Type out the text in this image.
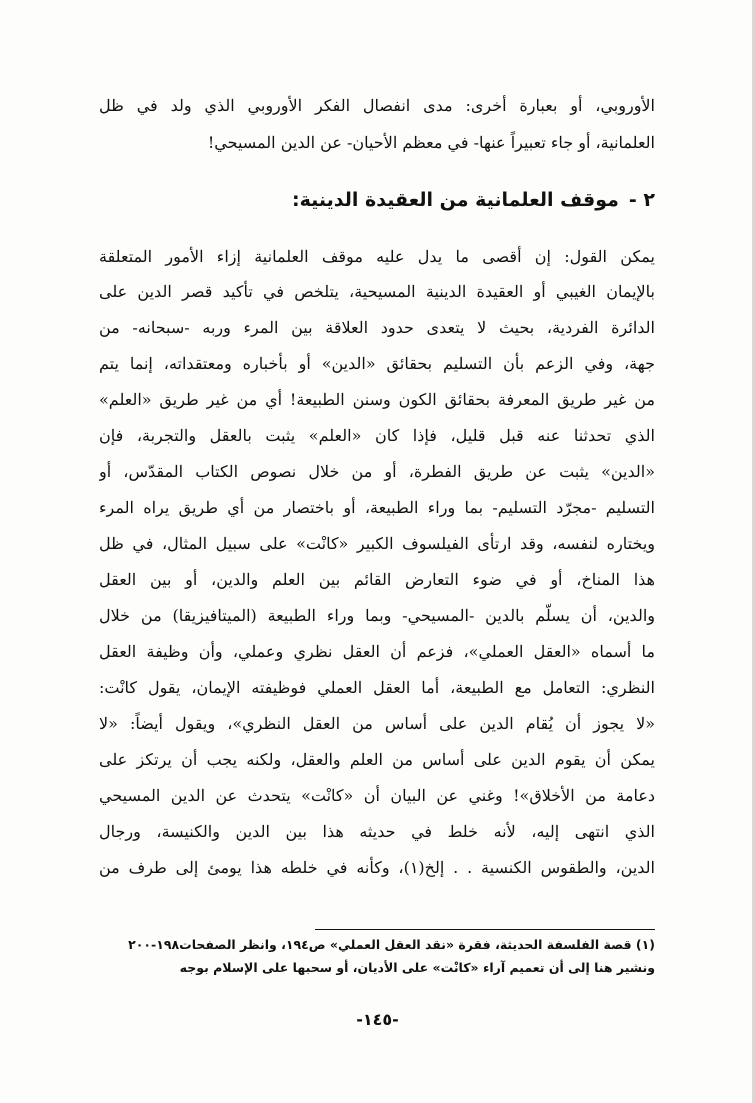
الأوروبي، أو بعبارة أخرى: مدى انفصال الفكر الأوروبي الذي ولد في ظل
العلمانية، أو جاء تعبيراً عنها- في معظم الأحيان- عن الدين المسيحي!
٢ -موقف العلمانية من العقيدة الدينية:
يمكن القول: إن أقصى ما يدل عليه موقف العلمانية إزاء الأمور المتعلقة
بالإيمان الغيبي أو العقيدة الدينية المسيحية، يتلخص في تأكيد قصر الدين على
الدائرة الفردية، بحيث لا يتعدى حدود العلاقة بين المرء وربه -سبحانه- من
جهة، وفي الزعم بأن التسليم بحقائق «الدين» أو بأخباره ومعتقداته، إنما يتم
من غير طريق المعرفة بحقائق الكون وسنن الطبيعة! أي من غير طريق «العلم»
الذي تحدثنا عنه قبل قليل، فإذا كان «العلم» يثبت بالعقل والتجربة، فإن
«الدين» يثبت عن طريق الفطرة، أو من خلال نصوص الكتاب المقدّس، أو
التسليم -مجرّد التسليم- بما وراء الطبيعة، أو باختصار من أي طريق يراه المرء
ويختاره لنفسه، وقد ارتأى الفيلسوف الكبير «كانْت» على سبيل المثال، في ظل
هذا المناخ، أو في ضوء التعارض القائم بين العلم والدين، أو بين العقل
والدين، أن يسلّم بالدين -المسيحي- وبما وراء الطبيعة (الميتافيزيقا) من خلال
ما أسماه «العقل العملي»، فزعم أن العقل نظري وعملي، وأن وظيفة العقل
النظري: التعامل مع الطبيعة، أما العقل العملي فوظيفته الإيمان، يقول كانْت:
«لا يجوز أن يُقام الدين على أساس من العقل النظري»، ويقول أيضاً: «لا
يمكن أن يقوم الدين على أساس من العلم والعقل، ولكنه يجب أن يرتكز على
دعامة من الأخلاق»! وغني عن البيان أن «كانْت» يتحدث عن الدين المسيحي
الذي انتهى إليه، لأنه خلط في حديثه هذا بين الدين والكنيسة، ورجال
الدين، والطقوس الكنسية . . إلخ(١)، وكأنه في خلطه هذا يومئ إلى طرف من
(١) قصة الفلسفة الحديثة، فقرة «نقد العقل العملي» ص١٩٤، وانظر الصفحات١٩٨-٢٠٠
ونشير هنا إلى أن تعميم آراء «كانْت» على الأديان، أو سحبها على الإسلام بوجه
-١٤٥-
